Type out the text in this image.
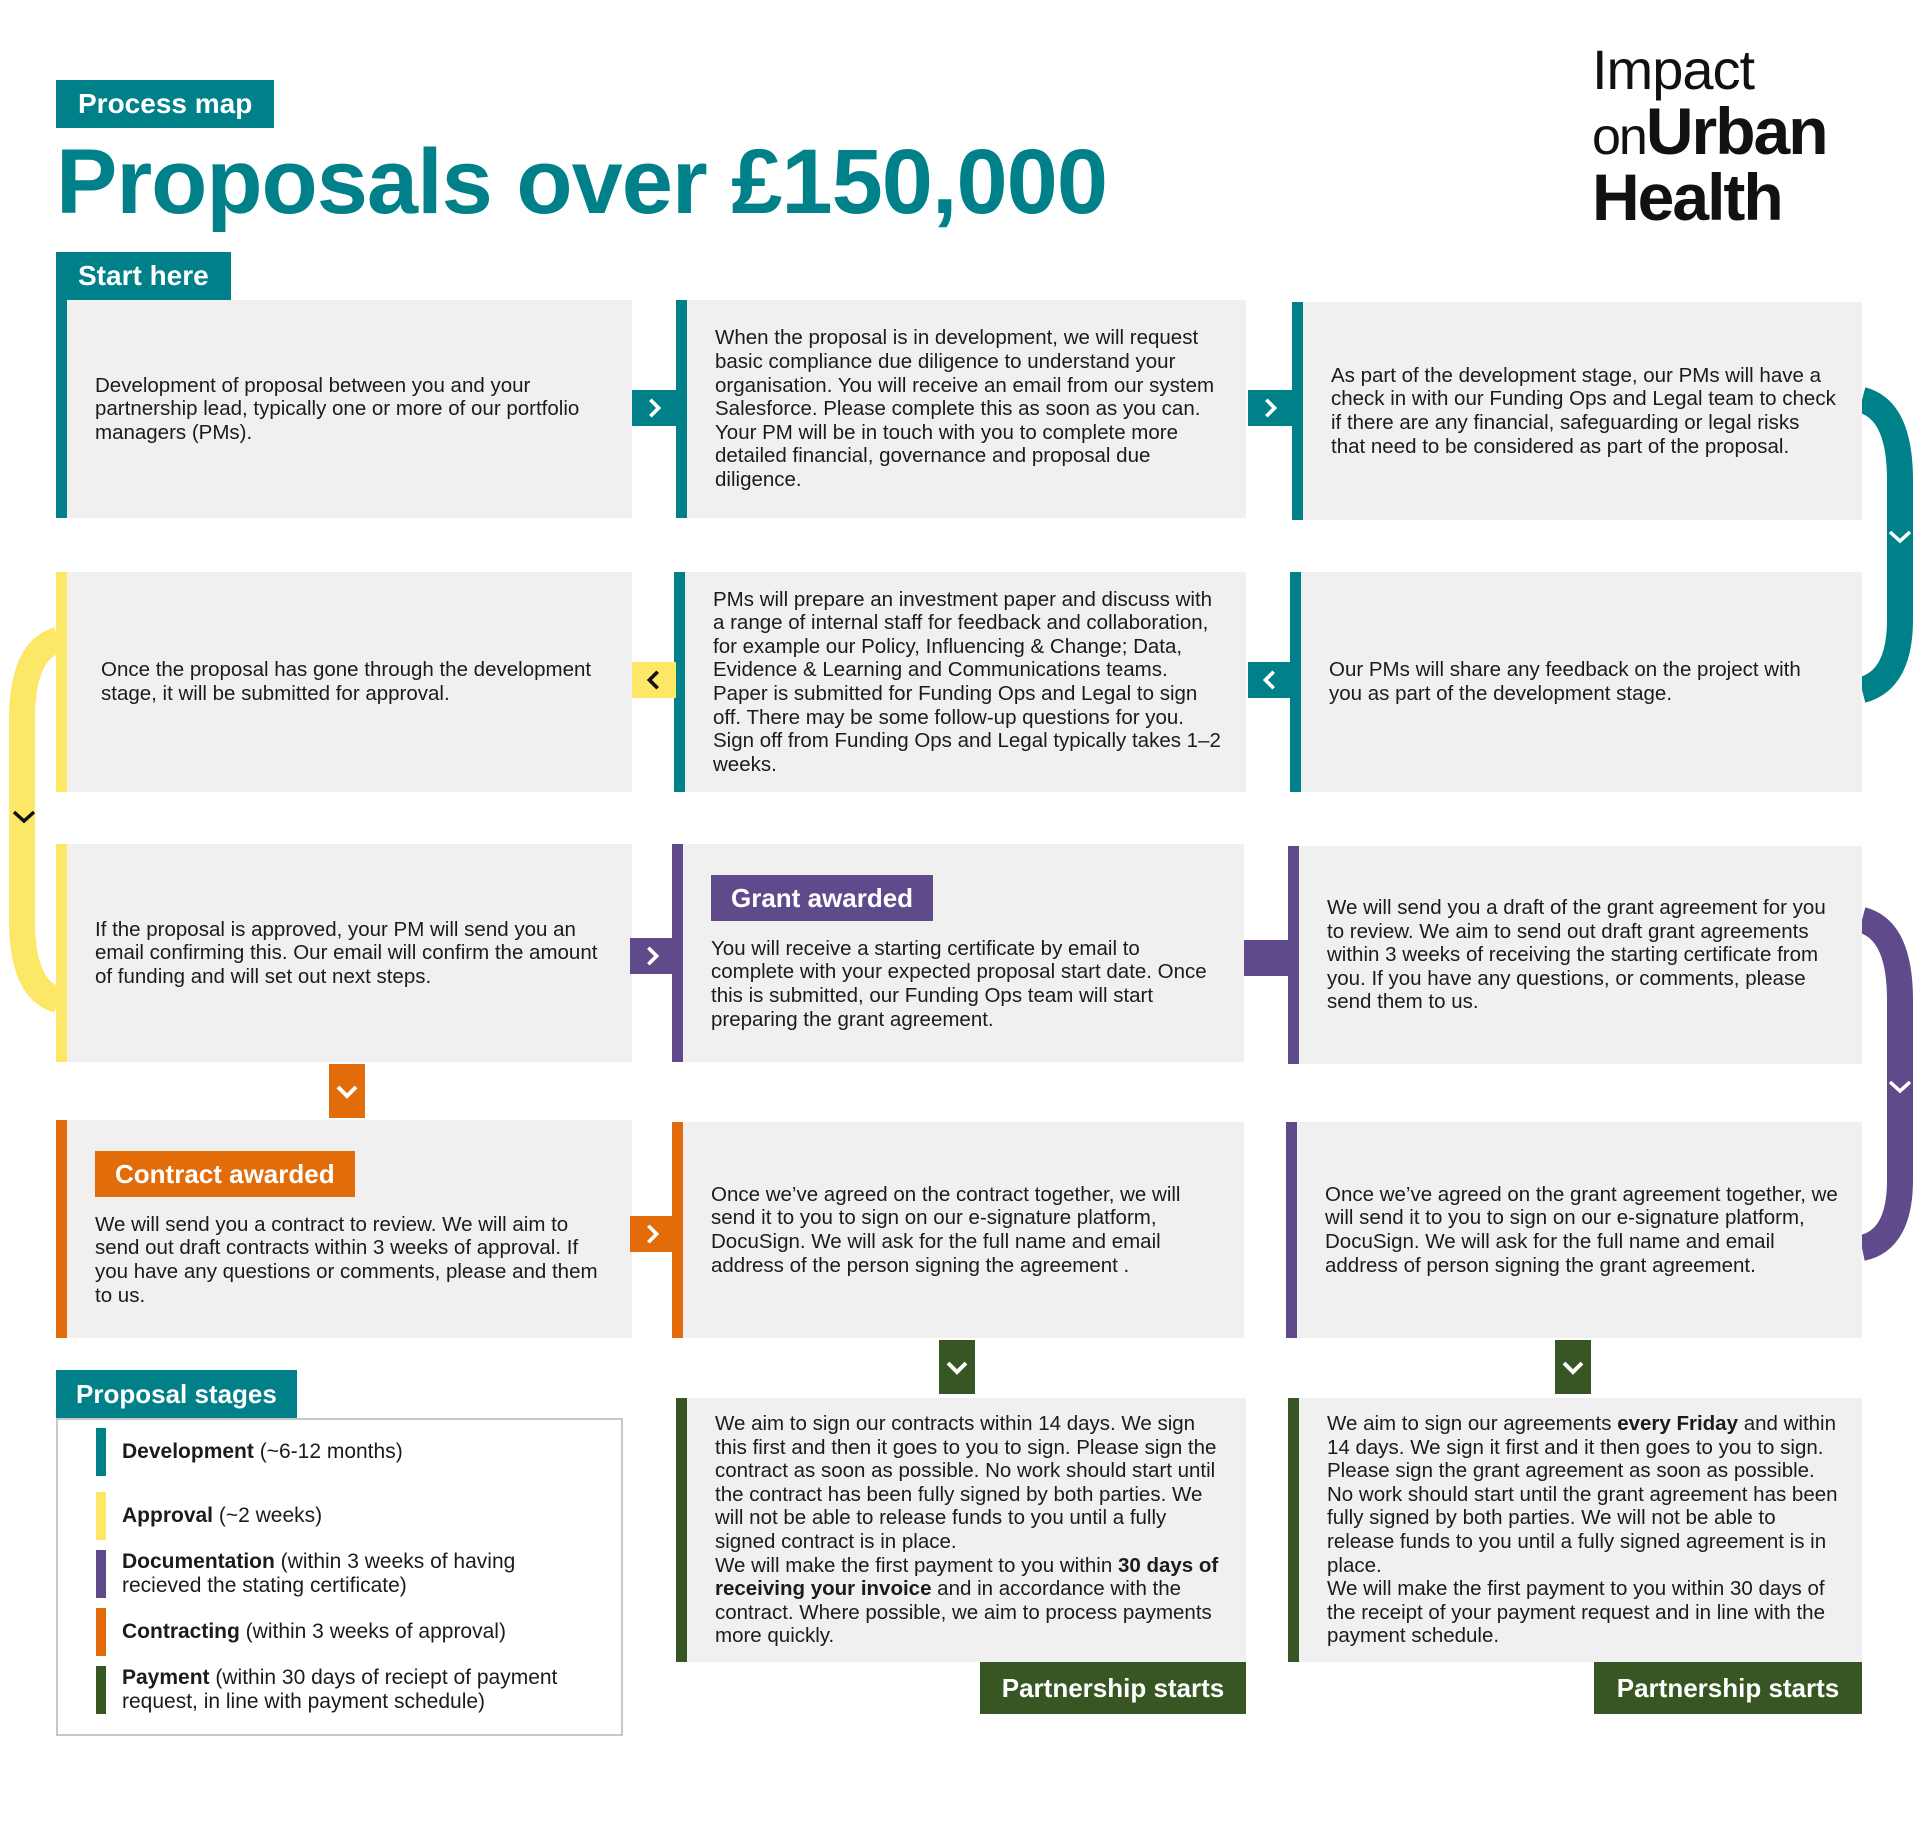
Process map
Proposals over £150,000
Impact
onUrban
Health
Start here

Development of proposal between you and your partnership lead, typically one or more of our portfolio managers (PMs).

When the proposal is in development, we will request basic compliance due diligence to understand your organisation. You will receive an email from our system Salesforce. Please complete this as soon as you can. Your PM will be in touch with you to complete more detailed financial, governance and proposal due diligence.

As part of the development stage, our PMs will have a check in with our Funding Ops and Legal team to check if there are any financial, safeguarding or legal risks that need to be considered as part of the proposal.

Once the proposal has gone through the development stage, it will be submitted for approval.

PMs will prepare an investment paper and discuss with a range of internal staff for feedback and collaboration, for example our Policy, Influencing & Change; Data, Evidence & Learning and Communications teams. Paper is submitted for Funding Ops and Legal to sign off. There may be some follow-up questions for you. Sign off from Funding Ops and Legal typically takes 1–2 weeks.

Our PMs will share any feedback on the project with you as part of the development stage.

If the proposal is approved, your PM will send you an email confirming this. Our email will confirm the amount of funding and will set out next steps.

Grant awarded

You will receive a starting certificate by email to complete with your expected proposal start date. Once this is submitted, our Funding Ops team will start preparing the grant agreement.

We will send you a draft of the grant agreement for you to review. We aim to send out draft grant agreements within 3 weeks of receiving the starting certificate from you. If you have any questions, or comments, please send them to us.

Contract awarded

We will send you a contract to review. We will aim to send out draft contracts within 3 weeks of approval. If you have any questions or comments, please and them to us.

Once we’ve agreed on the contract together, we will send it to you to sign on our e-signature platform, DocuSign. We will ask for the full name and email address of the person signing the agreement .

Once we’ve agreed on the grant agreement together, we will send it to you to sign on our e-signature platform, DocuSign. We will ask for the full name and email address of person signing the grant agreement.

We aim to sign our contracts within 14 days. We sign this first and then it goes to you to sign. Please sign the contract as soon as possible. No work should start until the contract has been fully signed by both parties. We will not be able to release funds to you until a fully signed contract is in place.

We will make the first payment to you within 30 days of receiving your invoice and in accordance with the contract. Where possible, we aim to process payments more quickly.

We aim to sign our agreements every Friday and within 14 days. We sign it first and it then goes to you to sign. Please sign the grant agreement as soon as possible. No work should start until the grant agreement has been fully signed by both parties. We will not be able to release funds to you until a fully signed agreement is in place.

We will make the first payment to you within 30 days of the receipt of your payment request and in line with the payment schedule.

Partnership starts	Partnership starts
Proposal stages
Development (~6-12 months)
Approval (~2 weeks)
Documentation (within 3 weeks of having recieved the stating certificate)
Contracting (within 3 weeks of approval)
Payment (within 30 days of reciept of payment request, in line with payment schedule)
